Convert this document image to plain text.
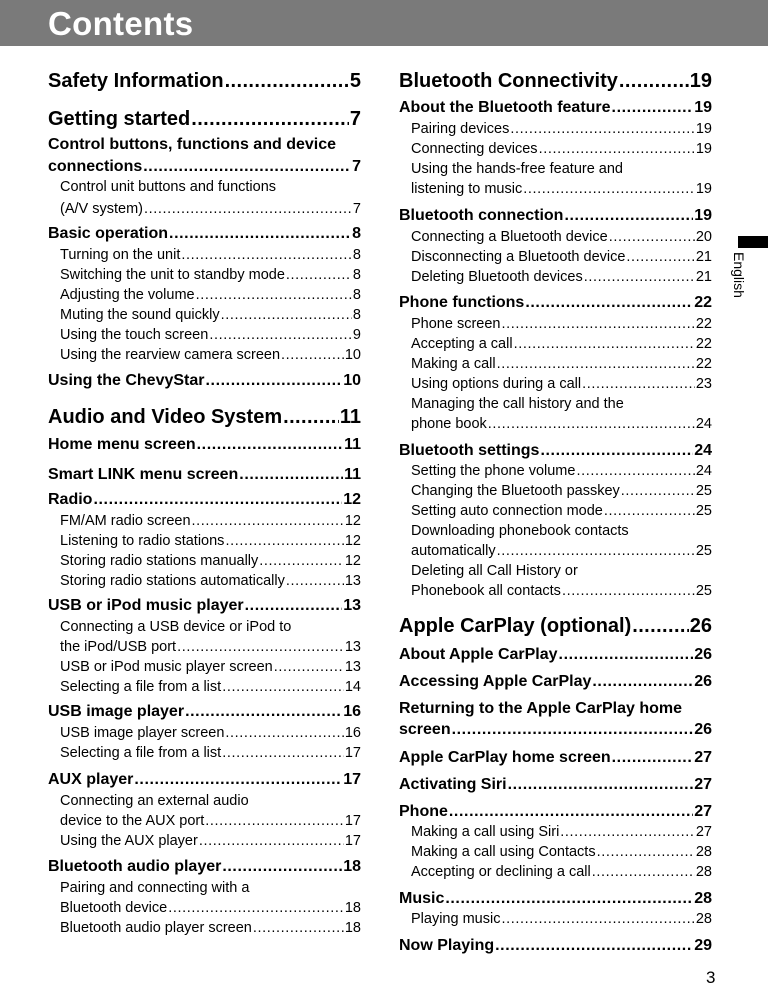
Contents
English
Safety Information .....	5
Getting started .....	7
Control buttons, functions and device
connections .....	7
Control unit buttons and functions
(A/V system) .....	7
Basic operation .....	8
Turning on the unit .....	8
Switching the unit to standby mode .....	8
Adjusting the volume .....	8
Muting the sound quickly .....	8
Using the touch screen .....	9
Using the rearview camera screen .....	10
Using the ChevyStar .....	10
Audio and Video System .....	11
Home menu screen .....	11
Smart LINK menu screen .....	11
Radio .....	12
FM/AM radio screen .....	12
Listening to radio stations .....	12
Storing radio stations manually .....	12
Storing radio stations automatically .....	13
USB or iPod music player .....	13
Connecting a USB device or iPod to
the iPod/USB port .....	13
USB or iPod music player screen .....	13
Selecting a file from a list .....	14
USB image player .....	16
USB image player screen .....	16
Selecting a file from a list .....	17
AUX player .....	17
Connecting an external audio
device to the AUX port .....	17
Using the AUX player .....	17
Bluetooth audio player .....	18
Pairing and connecting with a
Bluetooth device .....	18
Bluetooth audio player screen .....	18
Bluetooth Connectivity .....	19
About the Bluetooth feature .....	19
Pairing devices .....	19
Connecting devices .....	19
Using the hands-free feature and
listening to music .....	19
Bluetooth connection .....	19
Connecting a Bluetooth device .....	20
Disconnecting a Bluetooth device .....	21
Deleting Bluetooth devices .....	21
Phone functions .....	22
Phone screen .....	22
Accepting a call .....	22
Making a call .....	22
Using options during a call .....	23
Managing the call history and the
phone book .....	24
Bluetooth settings .....	24
Setting the phone volume .....	24
Changing the Bluetooth passkey .....	25
Setting auto connection mode .....	25
Downloading phonebook contacts
automatically .....	25
Deleting all Call History or
Phonebook all contacts .....	25
Apple CarPlay (optional) .....	26
About Apple CarPlay .....	26
Accessing Apple CarPlay .....	26
Returning to the Apple CarPlay home
screen .....	26
Apple CarPlay home screen .....	27
Activating Siri .....	27
Phone .....	27
Making a call using Siri .....	27
Making a call using Contacts .....	28
Accepting or declining a call .....	28
Music .....	28
Playing music .....	28
Now Playing .....	29
3
